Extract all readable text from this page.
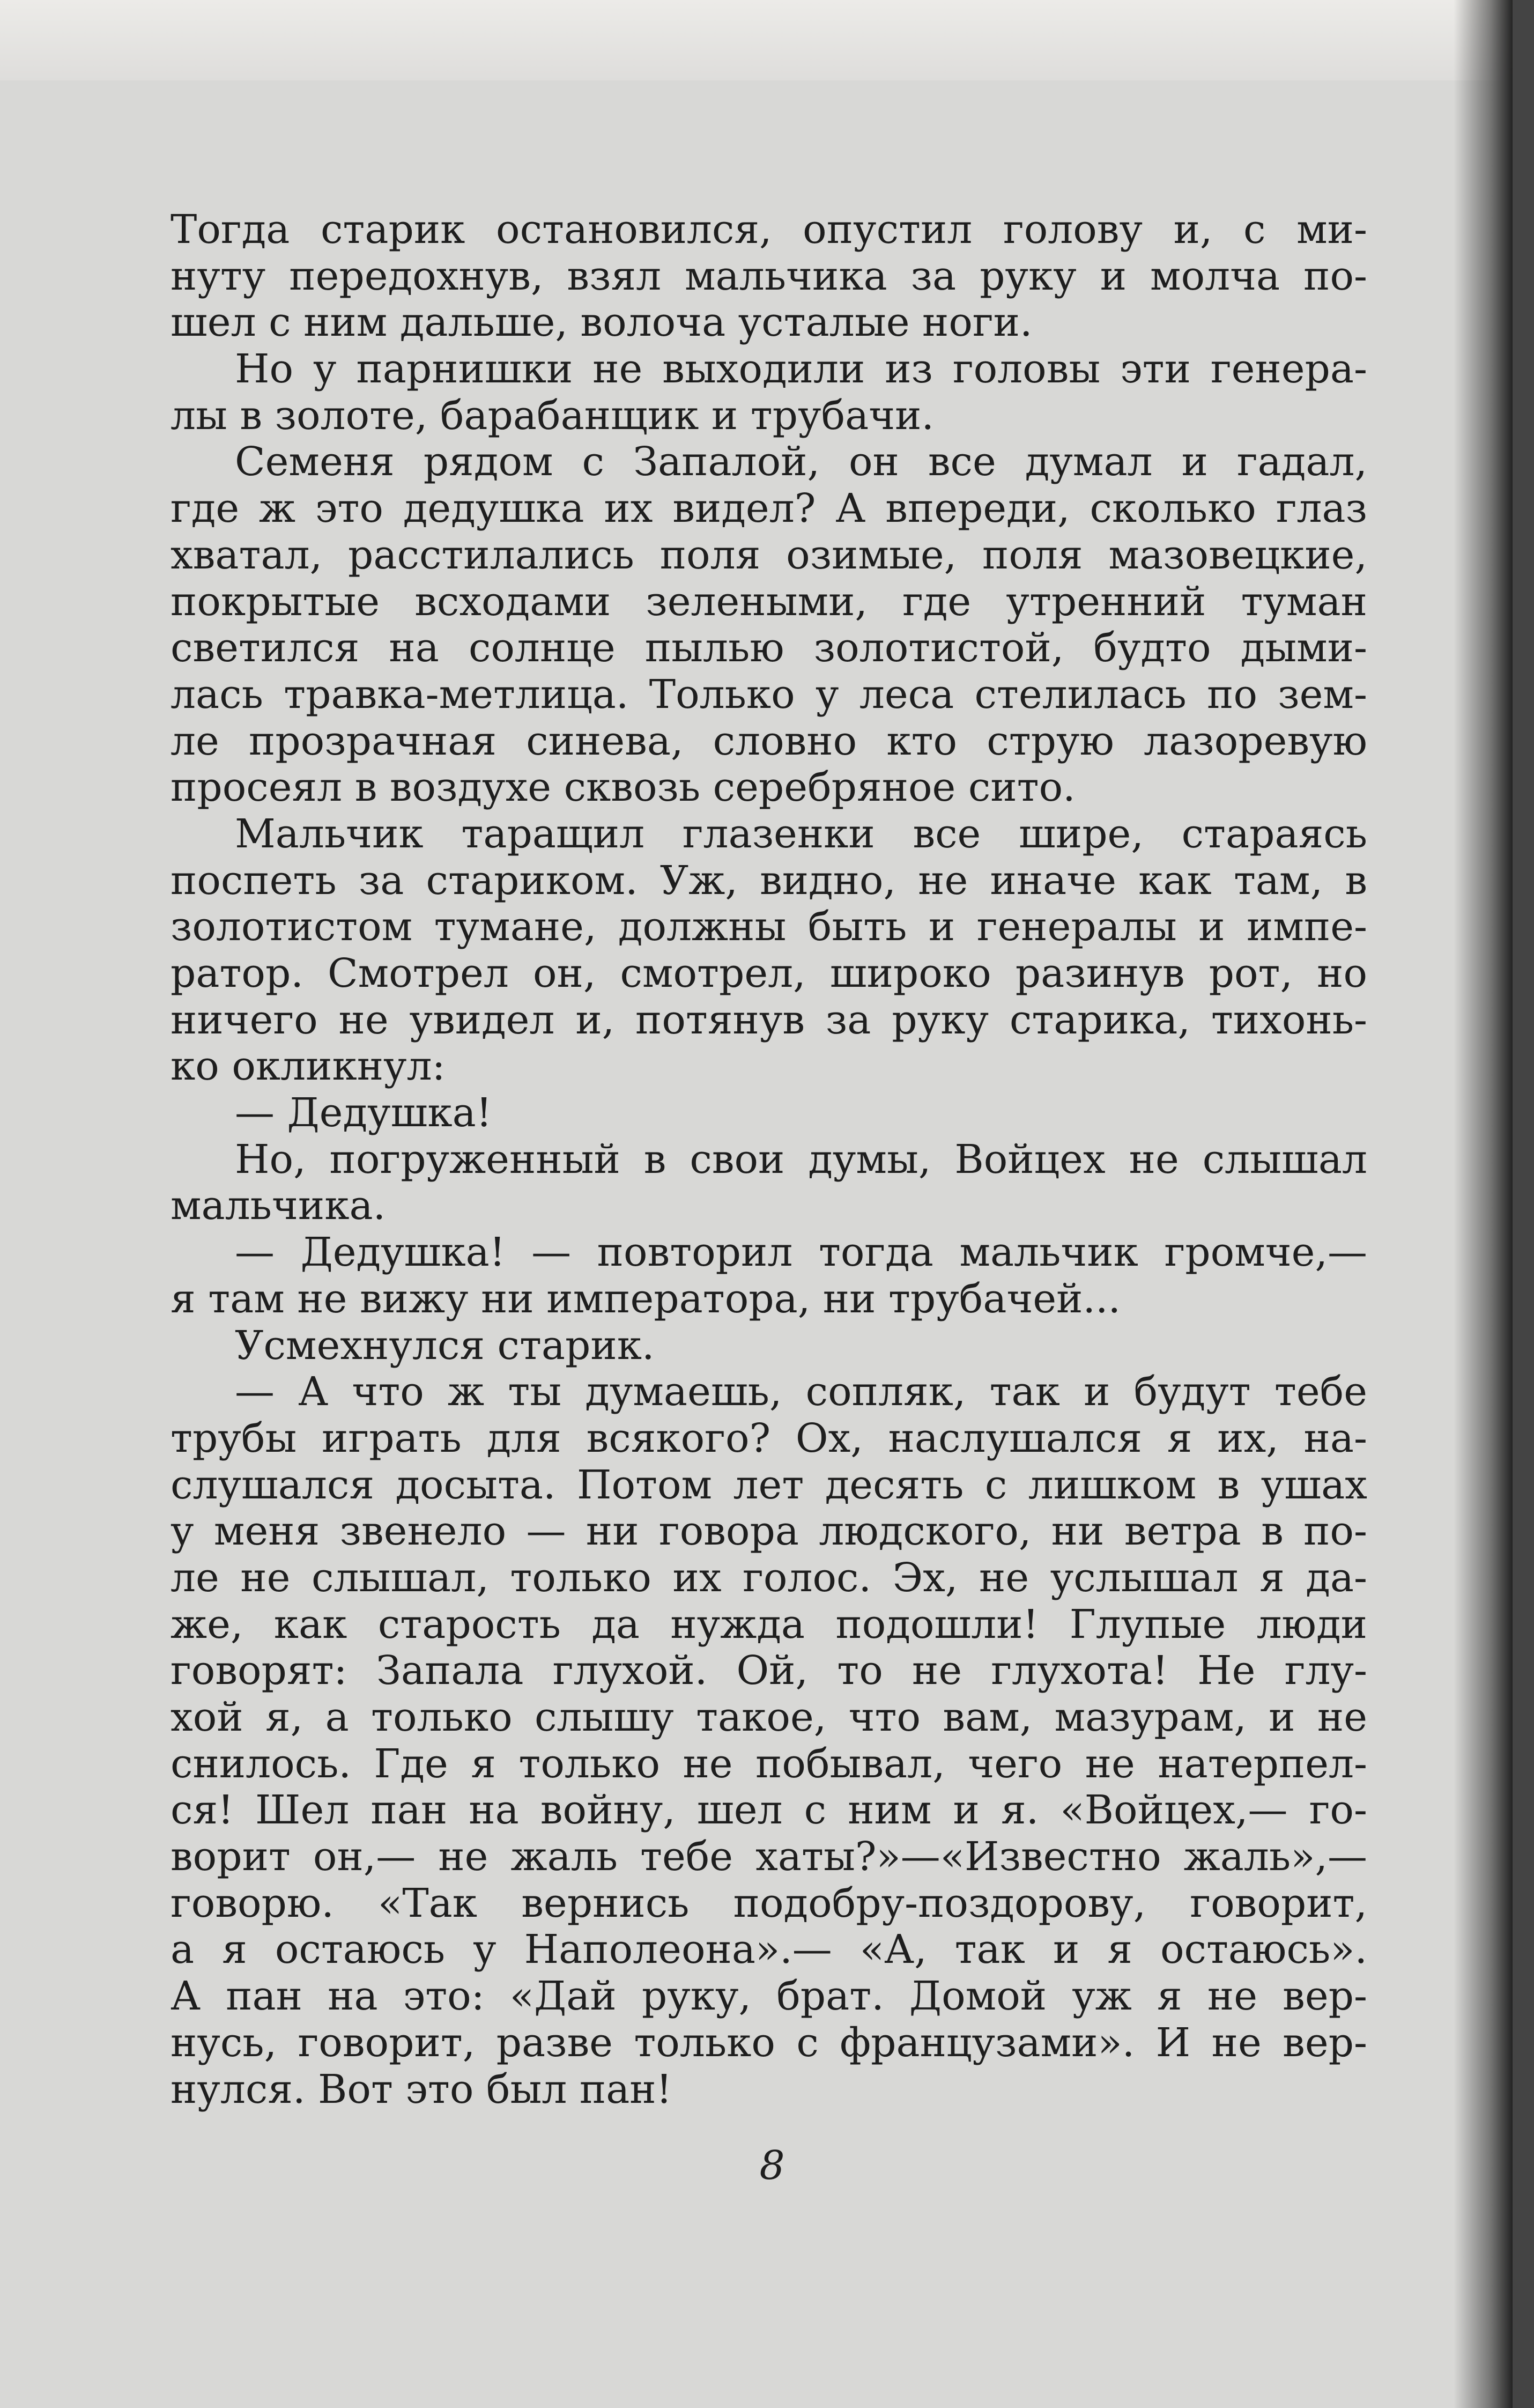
Тогда старик остановился, опустил голову и, с ми-
нуту передохнув, взял мальчика за руку и молча по-
шел с ним дальше, волоча усталые ноги.
Но у парнишки не выходили из головы эти генера-
лы в золоте, барабанщик и трубачи.
Семеня рядом с Запалой, он все думал и гадал,
где ж это дедушка их видел? А впереди, сколько глаз
хватал, расстилались поля озимые, поля мазовецкие,
покрытые всходами зелеными, где утренний туман
светился на солнце пылью золотистой, будто дыми-
лась травка-метлица. Только у леса стелилась по зем-
ле прозрачная синева, словно кто струю лазоревую
просеял в воздухе сквозь серебряное сито.
Мальчик таращил глазенки все шире, стараясь
поспеть за стариком. Уж, видно, не иначе как там, в
золотистом тумане, должны быть и генералы и импе-
ратор. Смотрел он, смотрел, широко разинув рот, но
ничего не увидел и, потянув за руку старика, тихонь-
ко окликнул:
— Дедушка!
Но, погруженный в свои думы, Войцех не слышал
мальчика.
— Дедушка! — повторил тогда мальчик громче,—
я там не вижу ни императора, ни трубачей...
Усмехнулся старик.
— А что ж ты думаешь, сопляк, так и будут тебе
трубы играть для всякого? Ох, наслушался я их, на-
слушался досыта. Потом лет десять с лишком в ушах
у меня звенело — ни говора людского, ни ветра в по-
ле не слышал, только их голос. Эх, не услышал я да-
же, как старость да нужда подошли! Глупые люди
говорят: Запала глухой. Ой, то не глухота! Не глу-
хой я, а только слышу такое, что вам, мазурам, и не
снилось. Где я только не побывал, чего не натерпел-
ся! Шел пан на войну, шел с ним и я. «Войцех,— го-
ворит он,— не жаль тебе хаты?»—«Известно жаль»,—
говорю. «Так вернись подобру-поздорову, говорит,
а я остаюсь у Наполеона».— «А, так и я остаюсь».
А пан на это: «Дай руку, брат. Домой уж я не вер-
нусь, говорит, разве только с французами». И не вер-
нулся. Вот это был пан!
8
